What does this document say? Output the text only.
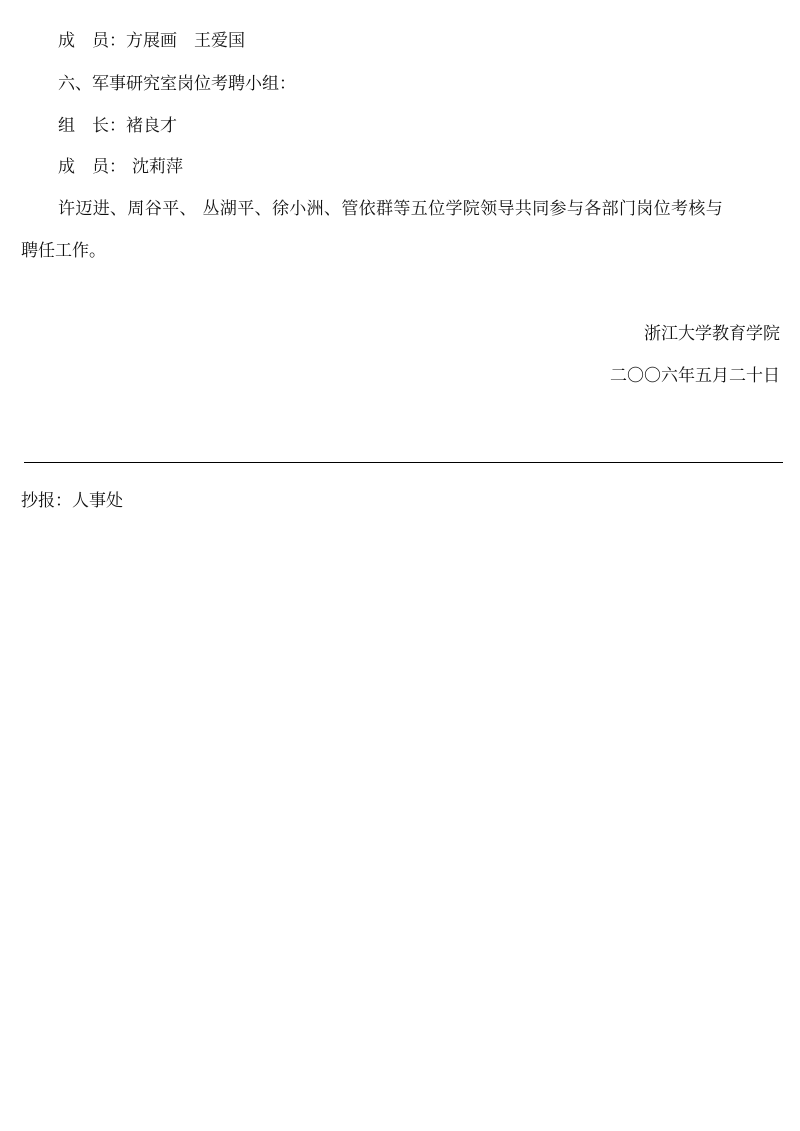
成　员：方展画　王爱国
六、军事研究室岗位考聘小组：
组　长：褚良才
成　员： 沈莉萍
许迈进、周谷平、 丛湖平、徐小洲、管依群等五位学院领导共同参与各部门岗位考核与
聘任工作。
浙江大学教育学院
二〇〇六年五月二十日
抄报：人事处
